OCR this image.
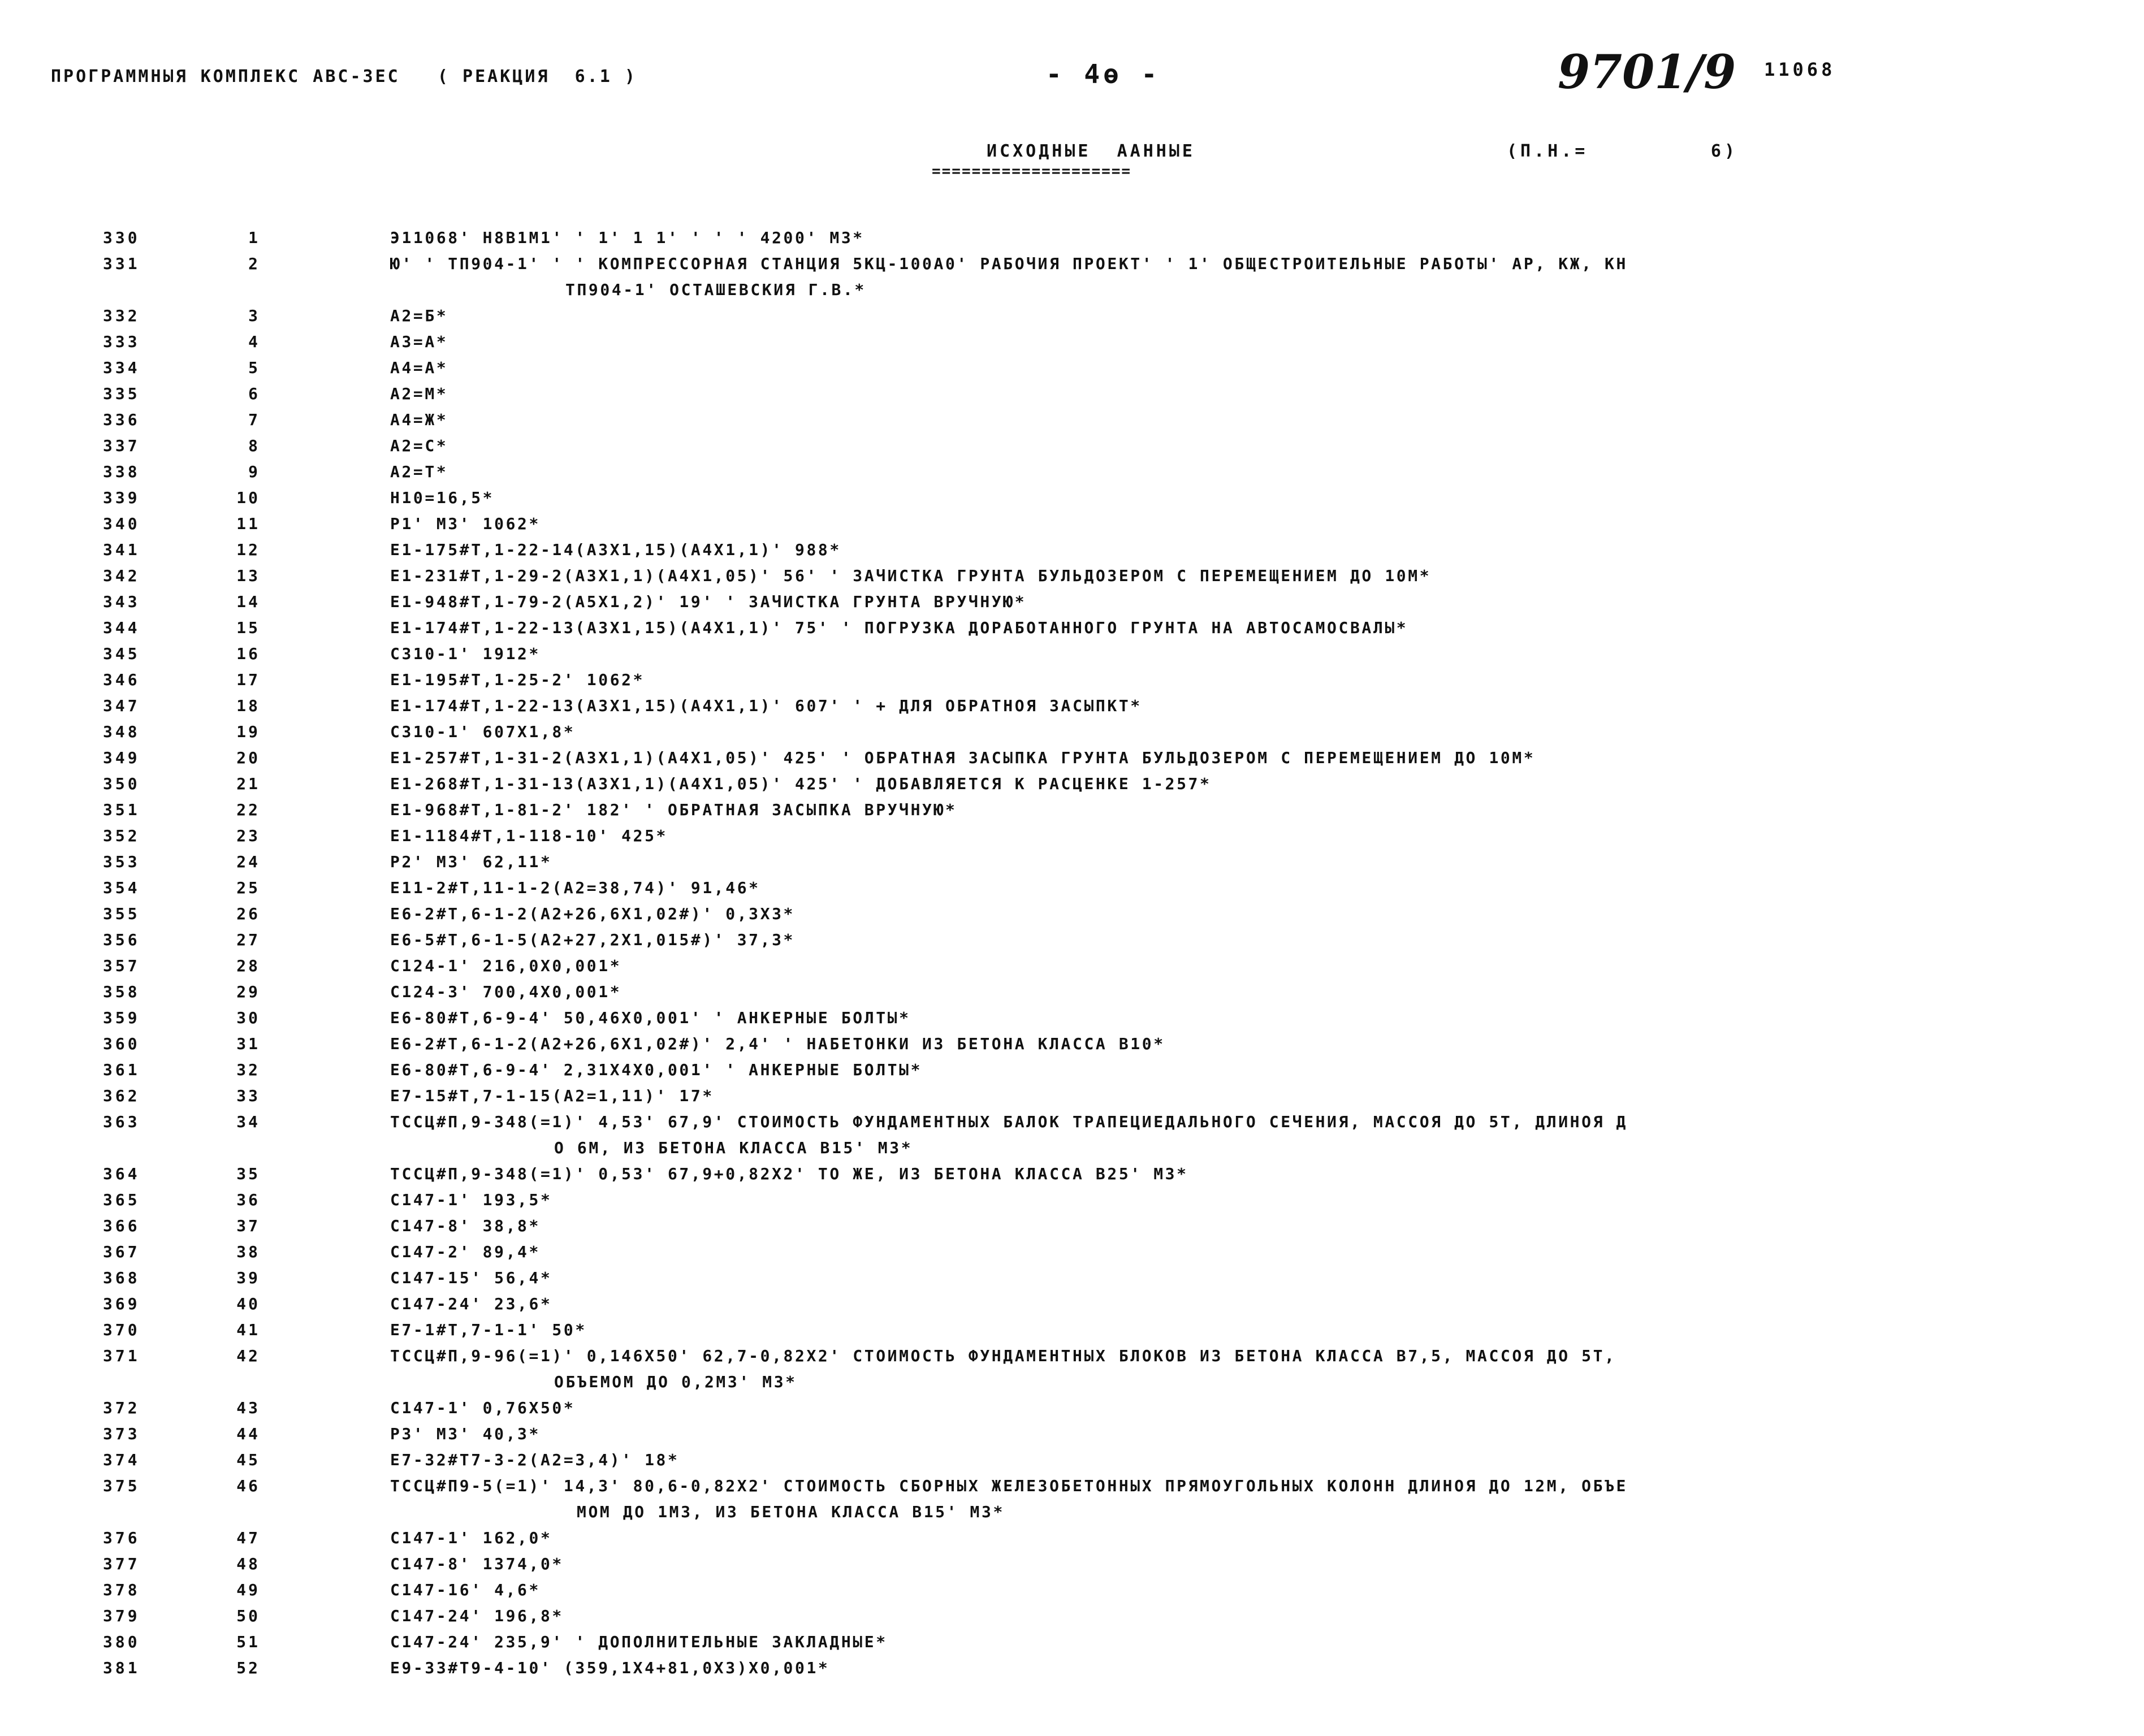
ПРОГРАММНЫЯ КОМПЛЕКС АВС-3ЕС   ( РЕАКЦИЯ  6.1 )	- 4ө -	9701/9 11068
ИСХОДНЫЕ  ААННЫЕ
====================
(П.Н.=         6)
330	1	Э11068' Н8В1М1' ' 1' 1 1' ' ' ' 4200' М3*
331	2	Ю' ' ТП904-1' ' ' КОМПРЕССОРНАЯ СТАНЦИЯ 5КЦ-100А0' РАБОЧИЯ ПРОЕКТ' ' 1' ОБЩЕСТРОИТЕЛЬНЫЕ РАБОТЫ' АР, КЖ, КН
ТП904-1' ОСТАШЕВСКИЯ Г.В.*
332	3	А2=Б*
333	4	А3=А*
334	5	А4=А*
335	6	А2=М*
336	7	А4=Ж*
337	8	А2=С*
338	9	А2=Т*
339	10	Н10=16,5*
340	11	Р1' М3' 1062*
341	12	Е1-175#Т,1-22-14(А3Х1,15)(А4Х1,1)' 988*
342	13	Е1-231#Т,1-29-2(А3Х1,1)(А4Х1,05)' 56' ' ЗАЧИСТКА ГРУНТА БУЛЬДОЗЕРОМ С ПЕРЕМЕЩЕНИЕМ ДО 10М*
343	14	Е1-948#Т,1-79-2(А5Х1,2)' 19' ' ЗАЧИСТКА ГРУНТА ВРУЧНУЮ*
344	15	Е1-174#Т,1-22-13(А3Х1,15)(А4Х1,1)' 75' ' ПОГРУЗКА ДОРАБОТАННОГО ГРУНТА НА АВТОСАМОСВАЛЫ*
345	16	С310-1' 1912*
346	17	Е1-195#Т,1-25-2' 1062*
347	18	Е1-174#Т,1-22-13(А3Х1,15)(А4Х1,1)' 607' ' + ДЛЯ ОБРАТНОЯ ЗАСЫПКТ*
348	19	С310-1' 607Х1,8*
349	20	Е1-257#Т,1-31-2(А3Х1,1)(А4Х1,05)' 425' ' ОБРАТНАЯ ЗАСЫПКА ГРУНТА БУЛЬДОЗЕРОМ С ПЕРЕМЕЩЕНИЕМ ДО 10М*
350	21	Е1-268#Т,1-31-13(А3Х1,1)(А4Х1,05)' 425' ' ДОБАВЛЯЕТСЯ К РАСЦЕНКЕ 1-257*
351	22	Е1-968#Т,1-81-2' 182' ' ОБРАТНАЯ ЗАСЫПКА ВРУЧНУЮ*
352	23	Е1-1184#Т,1-118-10' 425*
353	24	Р2' М3' 62,11*
354	25	Е11-2#Т,11-1-2(А2=38,74)' 91,46*
355	26	Е6-2#Т,6-1-2(А2+26,6Х1,02#)' 0,3Х3*
356	27	Е6-5#Т,6-1-5(А2+27,2Х1,015#)' 37,3*
357	28	С124-1' 216,0Х0,001*
358	29	С124-3' 700,4Х0,001*
359	30	Е6-80#Т,6-9-4' 50,46Х0,001' ' АНКЕРНЫЕ БОЛТЫ*
360	31	Е6-2#Т,6-1-2(А2+26,6Х1,02#)' 2,4' ' НАБЕТОНКИ ИЗ БЕТОНА КЛАССА В10*
361	32	Е6-80#Т,6-9-4' 2,31Х4Х0,001' ' АНКЕРНЫЕ БОЛТЫ*
362	33	Е7-15#Т,7-1-15(А2=1,11)' 17*
363	34	ТССЦ#П,9-348(=1)' 4,53' 67,9' СТОИМОСТЬ ФУНДАМЕНТНЫХ БАЛОК ТРАПЕЦИЕДАЛЬНОГО СЕЧЕНИЯ, МАССОЯ ДО 5Т, ДЛИНОЯ Д
О 6М, ИЗ БЕТОНА КЛАССА В15' М3*
364	35	ТССЦ#П,9-348(=1)' 0,53' 67,9+0,82Х2' ТО ЖЕ, ИЗ БЕТОНА КЛАССА В25' М3*
365	36	С147-1' 193,5*
366	37	С147-8' 38,8*
367	38	С147-2' 89,4*
368	39	С147-15' 56,4*
369	40	С147-24' 23,6*
370	41	Е7-1#Т,7-1-1' 50*
371	42	ТССЦ#П,9-96(=1)' 0,146Х50' 62,7-0,82Х2' СТОИМОСТЬ ФУНДАМЕНТНЫХ БЛОКОВ ИЗ БЕТОНА КЛАССА В7,5, МАССОЯ ДО 5Т,
ОБЪЕМОМ ДО 0,2М3' М3*
372	43	С147-1' 0,76Х50*
373	44	Р3' М3' 40,3*
374	45	Е7-32#Т7-3-2(А2=3,4)' 18*
375	46	ТССЦ#П9-5(=1)' 14,3' 80,6-0,82Х2' СТОИМОСТЬ СБОРНЫХ ЖЕЛЕЗОБЕТОННЫХ ПРЯМОУГОЛЬНЫХ КОЛОНН ДЛИНОЯ ДО 12М, ОБЪЕ
МОМ ДО 1М3, ИЗ БЕТОНА КЛАССА В15' М3*
376	47	С147-1' 162,0*
377	48	С147-8' 1374,0*
378	49	С147-16' 4,6*
379	50	С147-24' 196,8*
380	51	С147-24' 235,9' ' ДОПОЛНИТЕЛЬНЫЕ ЗАКЛАДНЫЕ*
381	52	Е9-33#Т9-4-10' (359,1Х4+81,0Х3)Х0,001*
